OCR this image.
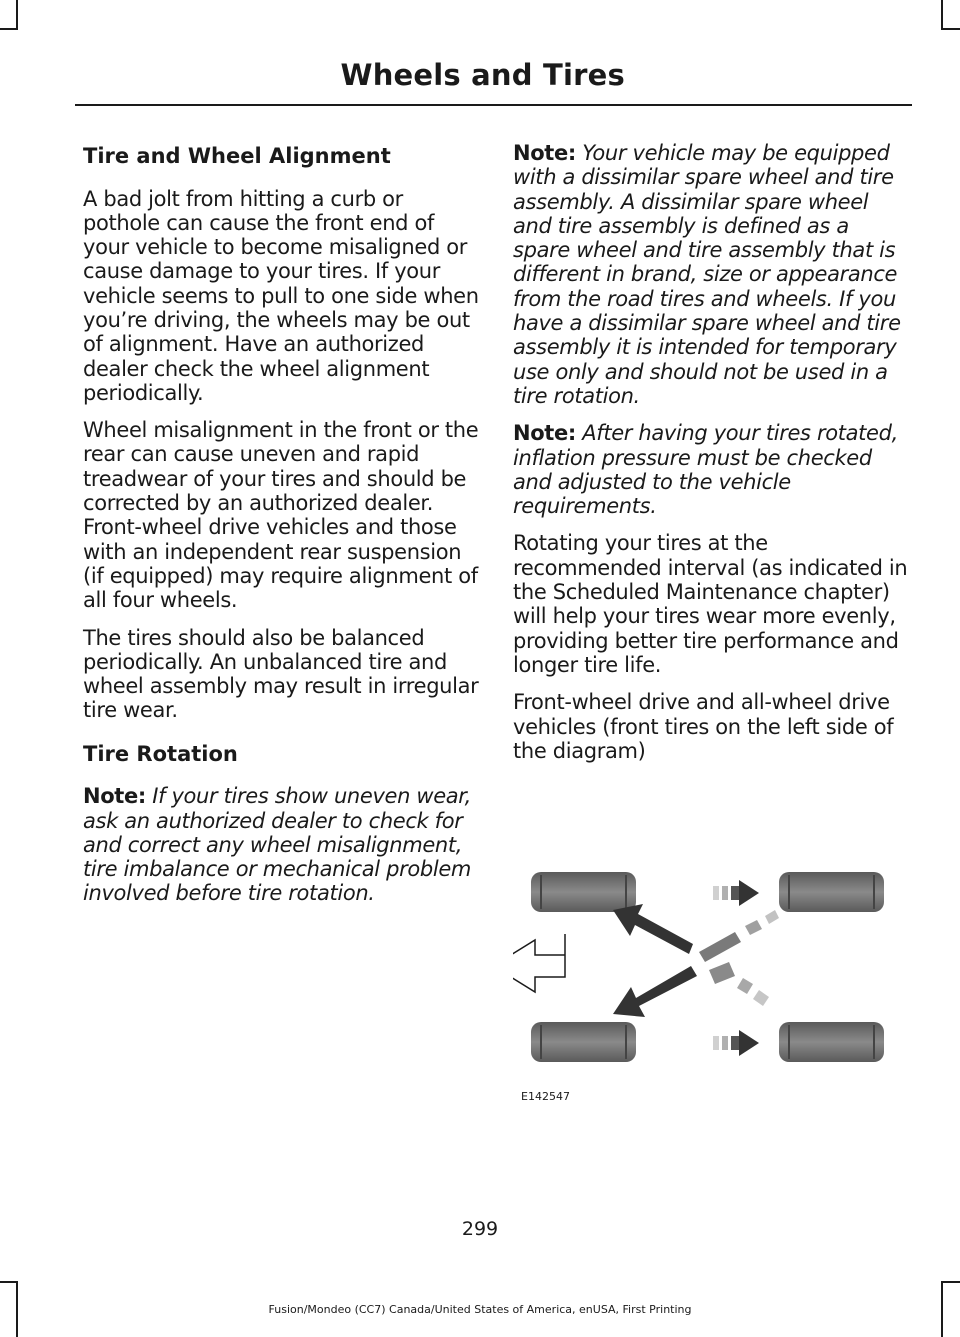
Wheels and Tires
Tire and Wheel Alignment

A bad jolt from hitting a curb or pothole can cause the front end of your vehicle to become misaligned or cause damage to your tires. If your vehicle seems to pull to one side when you’re driving, the wheels may be out of alignment. Have an authorized dealer check the wheel alignment periodically.

Wheel misalignment in the front or the rear can cause uneven and rapid treadwear of your tires and should be corrected by an authorized dealer. Front-wheel drive vehicles and those with an independent rear suspension (if equipped) may require alignment of all four wheels.

The tires should also be balanced periodically. An unbalanced tire and wheel assembly may result in irregular tire wear.

Tire Rotation

Note: If your tires show uneven wear, ask an authorized dealer to check for and correct any wheel misalignment, tire imbalance or mechanical problem involved before tire rotation.

Note: Your vehicle may be equipped with a dissimilar spare wheel and tire assembly. A dissimilar spare wheel and tire assembly is defined as a spare wheel and tire assembly that is different in brand, size or appearance from the road tires and wheels. If you have a dissimilar spare wheel and tire assembly it is intended for temporary use only and should not be used in a tire rotation.

Note: After having your tires rotated, inflation pressure must be checked and adjusted to the vehicle requirements.

Rotating your tires at the recommended interval (as indicated in the Scheduled Maintenance chapter) will help your tires wear more evenly, providing better tire performance and longer tire life.

Front-wheel drive and all-wheel drive vehicles (front tires on the left side of the diagram)

E142547
299
Fusion/Mondeo (CC7) Canada/United States of America, enUSA, First Printing
